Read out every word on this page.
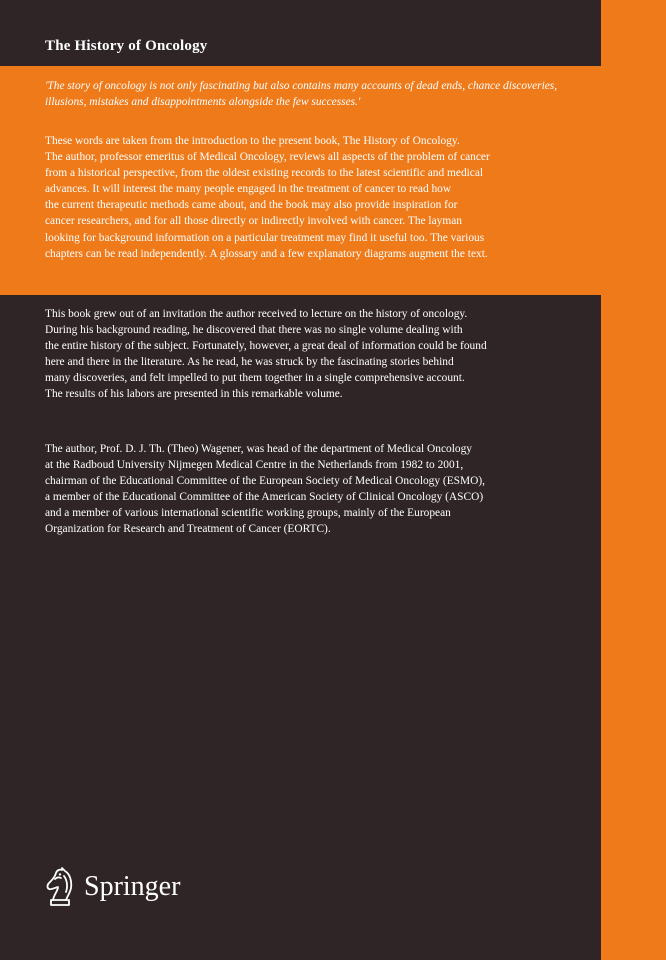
The History of Oncology

'The story of oncology is not only fascinating but also contains many accounts of dead ends, chance discoveries,
illusions, mistakes and disappointments alongside the few successes.'

These words are taken from the introduction to the present book, The History of Oncology.
The author, professor emeritus of Medical Oncology, reviews all aspects of the problem of cancer
from a historical perspective, from the oldest existing records to the latest scientific and medical
advances. It will interest the many people engaged in the treatment of cancer to read how
the current therapeutic methods came about, and the book may also provide inspiration for
cancer researchers, and for all those directly or indirectly involved with cancer. The layman
looking for background information on a particular treatment may find it useful too. The various
chapters can be read independently. A glossary and a few explanatory diagrams augment the text.

This book grew out of an invitation the author received to lecture on the history of oncology.
During his background reading, he discovered that there was no single volume dealing with
the entire history of the subject. Fortunately, however, a great deal of information could be found
here and there in the literature. As he read, he was struck by the fascinating stories behind
many discoveries, and felt impelled to put them together in a single comprehensive account.
The results of his labors are presented in this remarkable volume.

The author, Prof. D. J. Th. (Theo) Wagener, was head of the department of Medical Oncology
at the Radboud University Nijmegen Medical Centre in the Netherlands from 1982 to 2001,
chairman of the Educational Committee of the European Society of Medical Oncology (ESMO),
a member of the Educational Committee of the American Society of Clinical Oncology (ASCO)
and a member of various international scientific working groups, mainly of the European
Organization for Research and Treatment of Cancer (EORTC).

Springer
